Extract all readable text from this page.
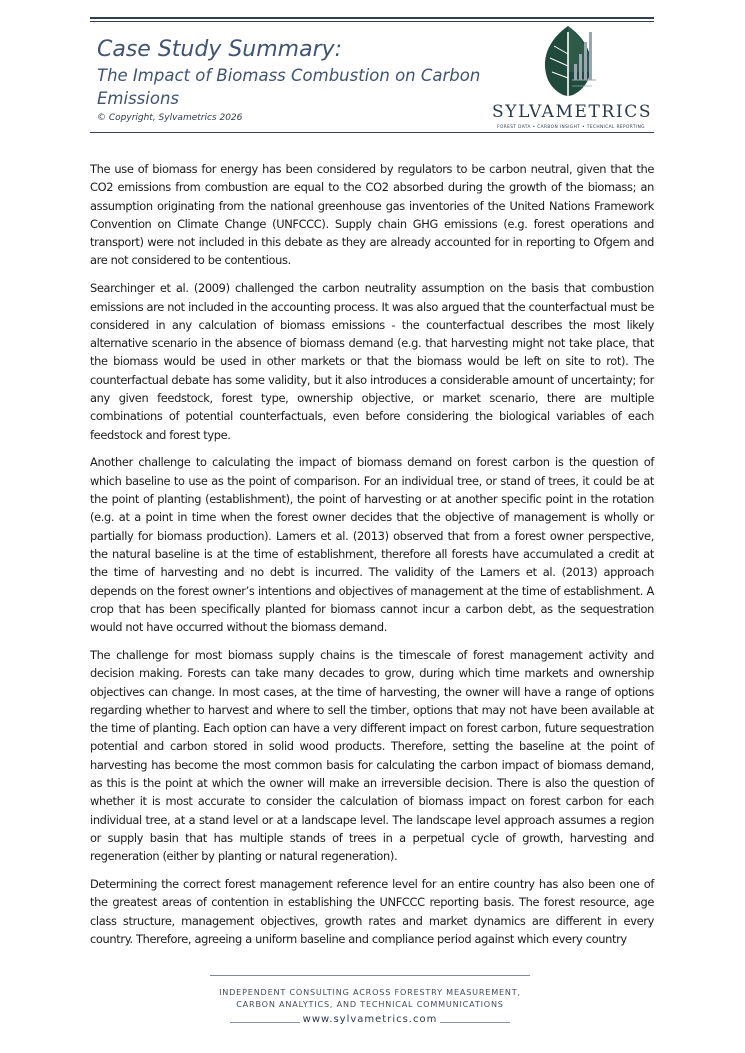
Case Study Summary:
The Impact of Biomass Combustion on Carbon
Emissions
© Copyright, Sylvametrics 2026	SYLVAMETRICS
FOREST DATA • CARBON INSIGHT • TECHNICAL REPORTING

The use of biomass for energy has been considered by regulators to be carbon neutral, given that the CO2 emissions from combustion are equal to the CO2 absorbed during the growth of the biomass; an assumption originating from the national greenhouse gas inventories of the United Nations Framework Convention on Climate Change (UNFCCC). Supply chain GHG emissions (e.g. forest operations and transport) were not included in this debate as they are already accounted for in reporting to Ofgem and are not considered to be contentious.

Searchinger et al. (2009) challenged the carbon neutrality assumption on the basis that combustion emissions are not included in the accounting process. It was also argued that the counterfactual must be considered in any calculation of biomass emissions - the counterfactual describes the most likely alternative scenario in the absence of biomass demand (e.g. that harvesting might not take place, that the biomass would be used in other markets or that the biomass would be left on site to rot). The counterfactual debate has some validity, but it also introduces a considerable amount of uncertainty; for any given feedstock, forest type, ownership objective, or market scenario, there are multiple combinations of potential counterfactuals, even before considering the biological variables of each feedstock and forest type.

Another challenge to calculating the impact of biomass demand on forest carbon is the question of which baseline to use as the point of comparison. For an individual tree, or stand of trees, it could be at the point of planting (establishment), the point of harvesting or at another specific point in the rotation (e.g. at a point in time when the forest owner decides that the objective of management is wholly or partially for biomass production). Lamers et al. (2013) observed that from a forest owner perspective, the natural baseline is at the time of establishment, therefore all forests have accumulated a credit at the time of harvesting and no debt is incurred. The validity of the Lamers et al. (2013) approach depends on the forest owner’s intentions and objectives of management at the time of establishment. A crop that has been specifically planted for biomass cannot incur a carbon debt, as the sequestration would not have occurred without the biomass demand.

The challenge for most biomass supply chains is the timescale of forest management activity and decision making. Forests can take many decades to grow, during which time markets and ownership objectives can change. In most cases, at the time of harvesting, the owner will have a range of options regarding whether to harvest and where to sell the timber, options that may not have been available at the time of planting. Each option can have a very different impact on forest carbon, future sequestration potential and carbon stored in solid wood products. Therefore, setting the baseline at the point of harvesting has become the most common basis for calculating the carbon impact of biomass demand, as this is the point at which the owner will make an irreversible decision. There is also the question of whether it is most accurate to consider the calculation of biomass impact on forest carbon for each individual tree, at a stand level or at a landscape level. The landscape level approach assumes a region or supply basin that has multiple stands of trees in a perpetual cycle of growth, harvesting and regeneration (either by planting or natural regeneration).

Determining the correct forest management reference level for an entire country has also been one of the greatest areas of contention in establishing the UNFCCC reporting basis. The forest resource, age class structure, management objectives, growth rates and market dynamics are different in every country. Therefore, agreeing a uniform baseline and compliance period against which every country

INDEPENDENT CONSULTING ACROSS FORESTRY MEASUREMENT,
CARBON ANALYTICS, AND TECHNICAL COMMUNICATIONS
www.sylvametrics.com
